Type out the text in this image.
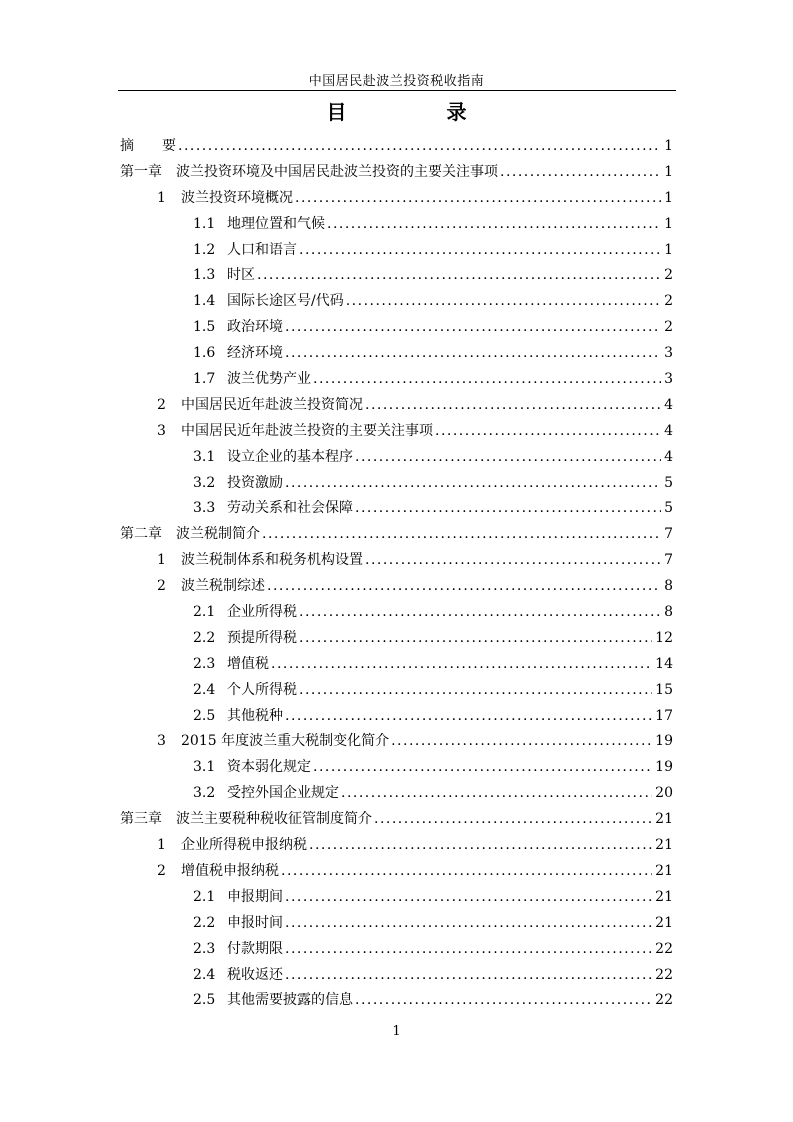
中国居民赴波兰投资税收指南
目　录
摘　　要 .....	1
第一章 波兰投资环境及中国居民赴波兰投资的主要关注事项 .....	1
1 波兰投资环境概况 .....	1
1.1 地理位置和气候 .....	1
1.2 人口和语言 .....	1
1.3 时区 .....	2
1.4 国际长途区号/代码 .....	2
1.5 政治环境 .....	2
1.6 经济环境 .....	3
1.7 波兰优势产业 .....	3
2 中国居民近年赴波兰投资简况 .....	4
3 中国居民近年赴波兰投资的主要关注事项 .....	4
3.1 设立企业的基本程序 .....	4
3.2 投资激励 .....	5
3.3 劳动关系和社会保障 .....	5
第二章 波兰税制简介 .....	7
1 波兰税制体系和税务机构设置 .....	7
2 波兰税制综述 .....	8
2.1 企业所得税 .....	8
2.2 预提所得税 .....	12
2.3 增值税 .....	14
2.4 个人所得税 .....	15
2.5 其他税种 .....	17
3 2015 年度波兰重大税制变化简介 .....	19
3.1 资本弱化规定 .....	19
3.2 受控外国企业规定 .....	20
第三章 波兰主要税种税收征管制度简介 .....	21
1 企业所得税申报纳税 .....	21
2 增值税申报纳税 .....	21
2.1 申报期间 .....	21
2.2 申报时间 .....	21
2.3 付款期限 .....	22
2.4 税收返还 .....	22
2.5 其他需要披露的信息 .....	22
1
